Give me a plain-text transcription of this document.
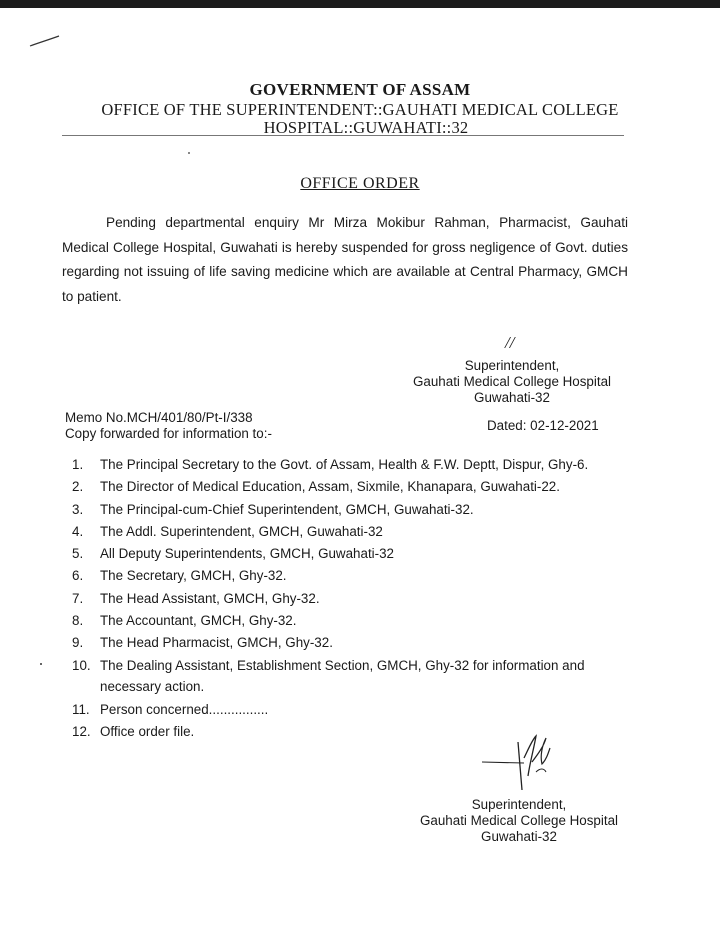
GOVERNMENT OF ASSAM
OFFICE OF THE SUPERINTENDENT::GAUHATI MEDICAL COLLEGE
HOSPITAL::GUWAHATI::32
OFFICE ORDER
Pending departmental enquiry Mr Mirza Mokibur Rahman, Pharmacist, Gauhati Medical College Hospital, Guwahati is hereby suspended for gross negligence of Govt. duties regarding not issuing of life saving medicine which are available at Central Pharmacy, GMCH to patient.
//
Superintendent,
Gauhati Medical College Hospital
Guwahati-32
Memo No.MCH/401/80/Pt-I/338
Copy forwarded for information to:-	Dated: 02-12-2021
1. The Principal Secretary to the Govt. of Assam, Health & F.W. Deptt, Dispur, Ghy-6.
2. The Director of Medical Education, Assam, Sixmile, Khanapara, Guwahati-22.
3. The Principal-cum-Chief Superintendent, GMCH, Guwahati-32.
4. The Addl. Superintendent, GMCH, Guwahati-32
5. All Deputy Superintendents, GMCH, Guwahati-32
6. The Secretary, GMCH, Ghy-32.
7. The Head Assistant, GMCH, Ghy-32.
8. The Accountant, GMCH, Ghy-32.
9. The Head Pharmacist, GMCH, Ghy-32.
10. The Dealing Assistant, Establishment Section, GMCH, Ghy-32 for information and necessary action.
11. Person concerned................
12. Office order file.
Superintendent,
Gauhati Medical College Hospital
Guwahati-32
